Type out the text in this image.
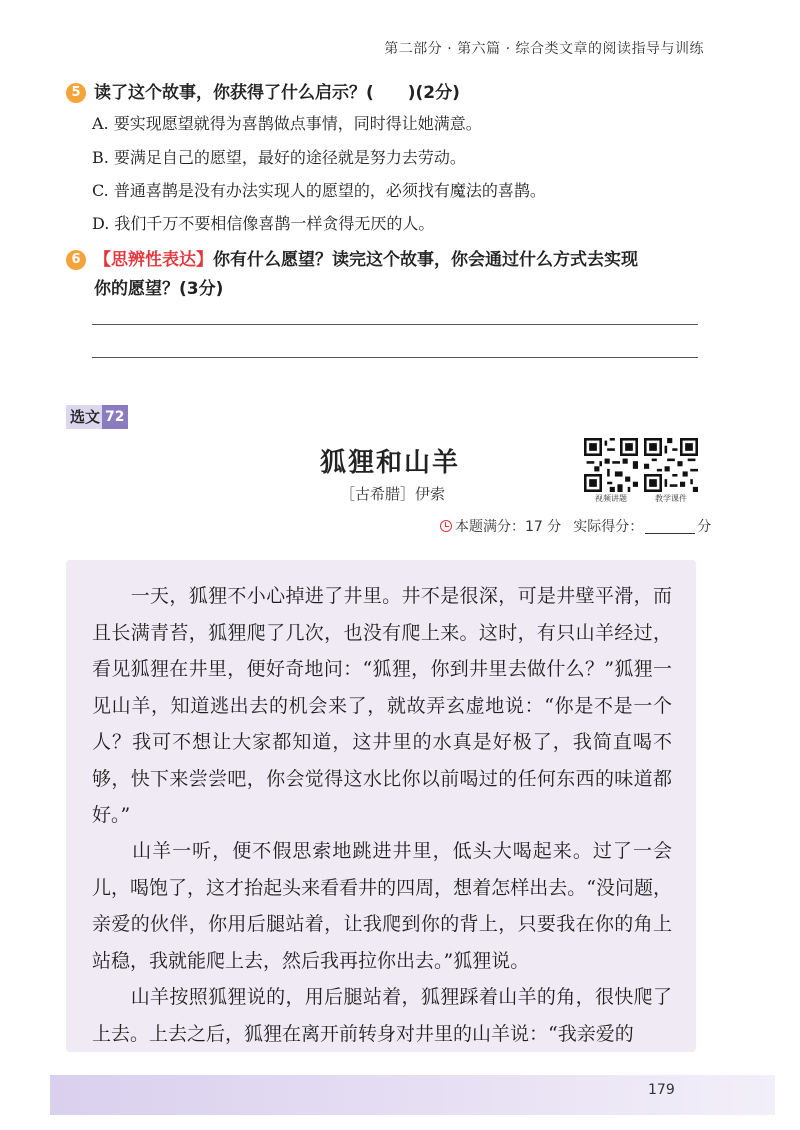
第二部分 · 第六篇 · 综合类文章的阅读指导与训练
5 读了这个故事，你获得了什么启示？(　　)(2分)
A. 要实现愿望就得为喜鹊做点事情，同时得让她满意。
B. 要满足自己的愿望，最好的途径就是努力去劳动。
C. 普通喜鹊是没有办法实现人的愿望的，必须找有魔法的喜鹊。
D. 我们千万不要相信像喜鹊一样贪得无厌的人。
6 【思辨性表达】你有什么愿望？读完这个故事，你会通过什么方式去实现
你的愿望？(3分)
选文 72
狐狸和山羊
［古希腊］伊索	视频讲题	教学课件
本题满分：17 分 实际得分：	分

　　一天，狐狸不小心掉进了井里。井不是很深，可是井壁平滑，而且长满青苔，狐狸爬了几次，也没有爬上来。这时，有只山羊经过，看见狐狸在井里，便好奇地问：“狐狸，你到井里去做什么？”狐狸一见山羊，知道逃出去的机会来了，就故弄玄虚地说：“你是不是一个人？我可不想让大家都知道，这井里的水真是好极了，我简直喝不够，快下来尝尝吧，你会觉得这水比你以前喝过的任何东西的味道都好。”

　　山羊一听，便不假思索地跳进井里，低头大喝起来。过了一会儿，喝饱了，这才抬起头来看看井的四周，想着怎样出去。“没问题，亲爱的伙伴，你用后腿站着，让我爬到你的背上，只要我在你的角上站稳，我就能爬上去，然后我再拉你出去。”狐狸说。

　　山羊按照狐狸说的，用后腿站着，狐狸踩着山羊的角，很快爬了上去。上去之后，狐狸在离开前转身对井里的山羊说：“我亲爱的

179
